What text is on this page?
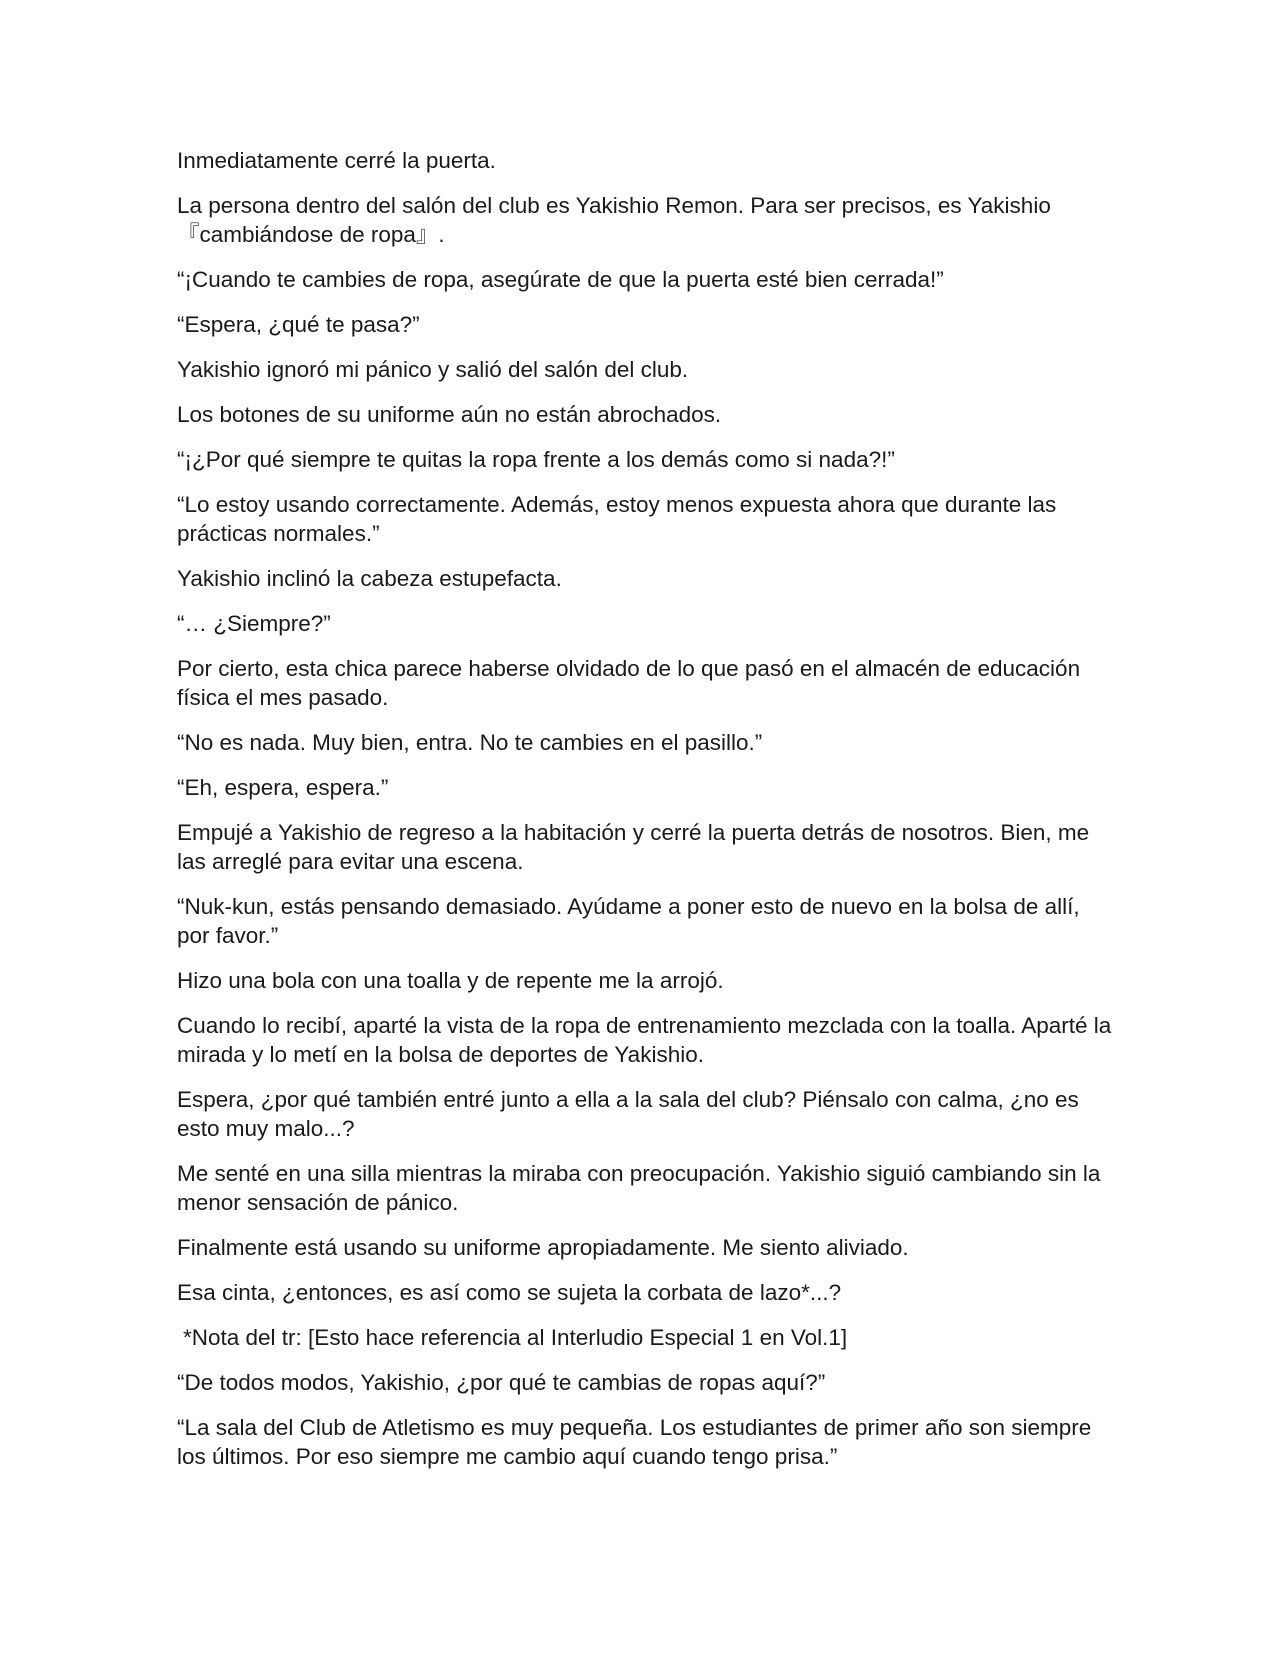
Inmediatamente cerré la puerta.

La persona dentro del salón del club es Yakishio Remon. Para ser precisos, es Yakishio 『cambiándose de ropa』.

“¡Cuando te cambies de ropa, asegúrate de que la puerta esté bien cerrada!”

“Espera, ¿qué te pasa?”

Yakishio ignoró mi pánico y salió del salón del club.

Los botones de su uniforme aún no están abrochados.

“¡¿Por qué siempre te quitas la ropa frente a los demás como si nada?!”

“Lo estoy usando correctamente. Además, estoy menos expuesta ahora que durante las prácticas normales.”

Yakishio inclinó la cabeza estupefacta.

“… ¿Siempre?”

Por cierto, esta chica parece haberse olvidado de lo que pasó en el almacén de educación física el mes pasado.

“No es nada. Muy bien, entra. No te cambies en el pasillo.”

“Eh, espera, espera.”

Empujé a Yakishio de regreso a la habitación y cerré la puerta detrás de nosotros. Bien, me las arreglé para evitar una escena.

“Nuk-kun, estás pensando demasiado. Ayúdame a poner esto de nuevo en la bolsa de allí, por favor.”

Hizo una bola con una toalla y de repente me la arrojó.

Cuando lo recibí, aparté la vista de la ropa de entrenamiento mezclada con la toalla. Aparté la mirada y lo metí en la bolsa de deportes de Yakishio.

Espera, ¿por qué también entré junto a ella a la sala del club? Piénsalo con calma, ¿no es esto muy malo...?

Me senté en una silla mientras la miraba con preocupación. Yakishio siguió cambiando sin la menor sensación de pánico.

Finalmente está usando su uniforme apropiadamente. Me siento aliviado.

Esa cinta, ¿entonces, es así como se sujeta la corbata de lazo*...?

*Nota del tr: [Esto hace referencia al Interludio Especial 1 en Vol.1]

“De todos modos, Yakishio, ¿por qué te cambias de ropas aquí?”

“La sala del Club de Atletismo es muy pequeña. Los estudiantes de primer año son siempre los últimos. Por eso siempre me cambio aquí cuando tengo prisa.”
